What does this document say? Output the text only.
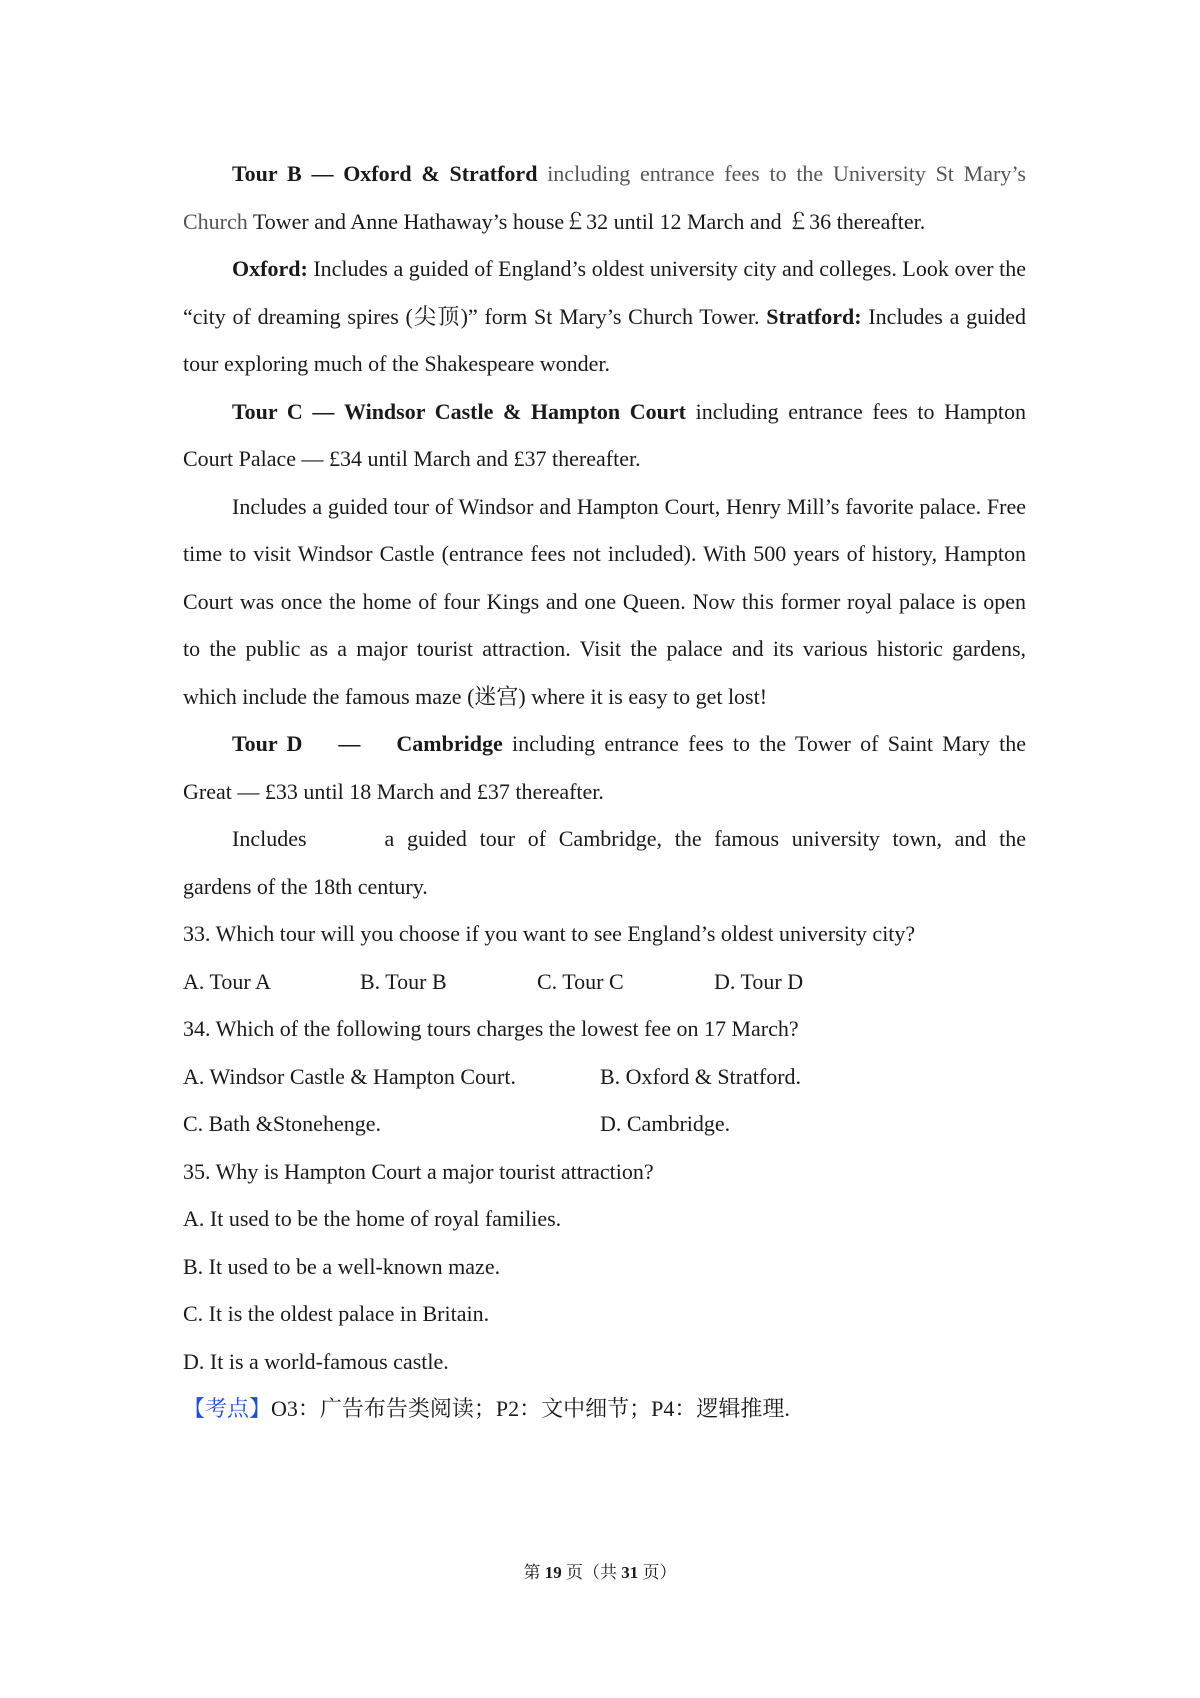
Tour B — Oxford & Stratford including entrance fees to the University St Mary’s Church Tower and Anne Hathaway’s house￡32 until 12 March and ￡36 thereafter.

Oxford: Includes a guided of England’s oldest university city and colleges. Look over the “city of dreaming spires (尖顶)” form St Mary’s Church Tower. Stratford: Includes a guided tour exploring much of the Shakespeare wonder.

Tour C — Windsor Castle & Hampton Court including entrance fees to Hampton Court Palace — £34 until March and £37 thereafter.

Includes a guided tour of Windsor and Hampton Court, Henry Mill’s favorite palace. Free time to visit Windsor Castle (entrance fees not included). With 500 years of history, Hampton Court was once the home of four Kings and one Queen. Now this former royal palace is open to the public as a major tourist attraction. Visit the palace and its various historic gardens, which include the famous maze (迷宫) where it is easy to get lost!

Tour D — Cambridge including entrance fees to the Tower of Saint Mary the Great — £33 until 18 March and £37 thereafter.

Includes	a guided tour of Cambridge, the famous university town, and the gardens of the 18th century.

33. Which tour will you choose if you want to see England’s oldest university city?

A. Tour A	B. Tour B	C. Tour C	D. Tour D

34. Which of the following tours charges the lowest fee on 17 March?

A. Windsor Castle & Hampton Court.	B. Oxford & Stratford.
C. Bath &Stonehenge.	D. Cambridge.

35. Why is Hampton Court a major tourist attraction?

A. It used to be the home of royal families.

B. It used to be a well-known maze.

C. It is the oldest palace in Britain.

D. It is a world-famous castle.

【考点】O3：广告布告类阅读；P2：文中细节；P4：逻辑推理.

第 19 页（共 31 页）
